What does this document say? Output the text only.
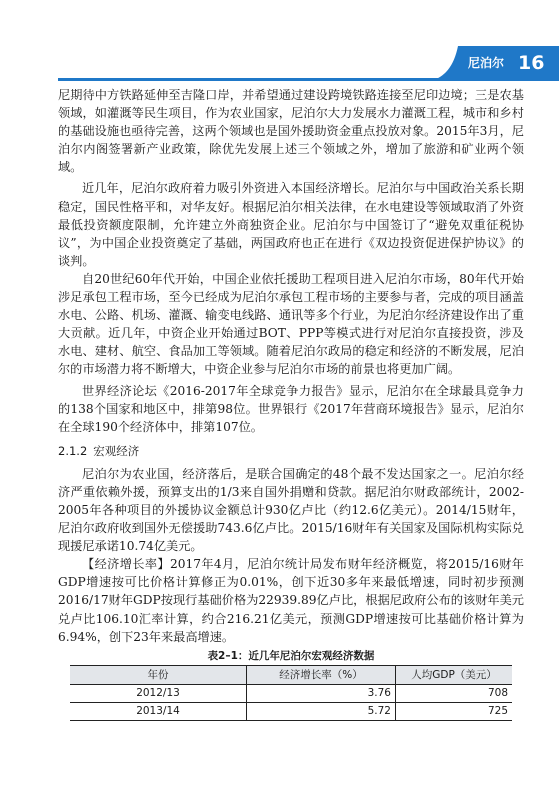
尼泊尔 16

尼期待中方铁路延伸至吉隆口岸，并希望通过建设跨境铁路连接至尼印边境；三是农基领域，如灌溉等民生项目，作为农业国家，尼泊尔大力发展水力灌溉工程，城市和乡村的基础设施也亟待完善，这两个领域也是国外援助资金重点投放对象。2015年3月，尼泊尔内阁签署新产业政策，除优先发展上述三个领域之外，增加了旅游和矿业两个领域。

近几年，尼泊尔政府着力吸引外资进入本国经济增长。尼泊尔与中国政治关系长期稳定，国民性格平和，对华友好。根据尼泊尔相关法律，在水电建设等领域取消了外资最低投资额度限制，允许建立外商独资企业。尼泊尔与中国签订了“避免双重征税协议”，为中国企业投资奠定了基础，两国政府也正在进行《双边投资促进保护协议》的谈判。

自20世纪60年代开始，中国企业依托援助工程项目进入尼泊尔市场，80年代开始涉足承包工程市场，至今已经成为尼泊尔承包工程市场的主要参与者，完成的项目涵盖水电、公路、机场、灌溉、输变电线路、通讯等多个行业，为尼泊尔经济建设作出了重大贡献。近几年，中资企业开始通过BOT、PPP等模式进行对尼泊尔直接投资，涉及水电、建材、航空、食品加工等领域。随着尼泊尔政局的稳定和经济的不断发展，尼泊尔的市场潜力将不断增大，中资企业参与尼泊尔市场的前景也将更加广阔。

世界经济论坛《2016-2017年全球竞争力报告》显示，尼泊尔在全球最具竞争力的138个国家和地区中，排第98位。世界银行《2017年营商环境报告》显示，尼泊尔在全球190个经济体中，排第107位。

2.1.2 宏观经济

尼泊尔为农业国，经济落后，是联合国确定的48个最不发达国家之一。尼泊尔经济严重依赖外援，预算支出的1/3来自国外捐赠和贷款。据尼泊尔财政部统计，2002-2005年各种项目的外援协议金额总计930亿卢比（约12.6亿美元）。2014/15财年，尼泊尔政府收到国外无偿援助743.6亿卢比。2015/16财年有关国家及国际机构实际兑现援尼承诺10.74亿美元。

【经济增长率】2017年4月，尼泊尔统计局发布财年经济概览，将2015/16财年GDP增速按可比价格计算修正为0.01%，创下近30多年来最低增速，同时初步预测2016/17财年GDP按现行基础价格为22939.89亿卢比，根据尼政府公布的该财年美元兑卢比106.10汇率计算，约合216.21亿美元，预测GDP增速按可比基础价格计算为6.94%，创下23年来最高增速。

表2–1：近几年尼泊尔宏观经济数据
年份	经济增长率（%）	人均GDP（美元）
2012/13	3.76	708
2013/14	5.72	725
